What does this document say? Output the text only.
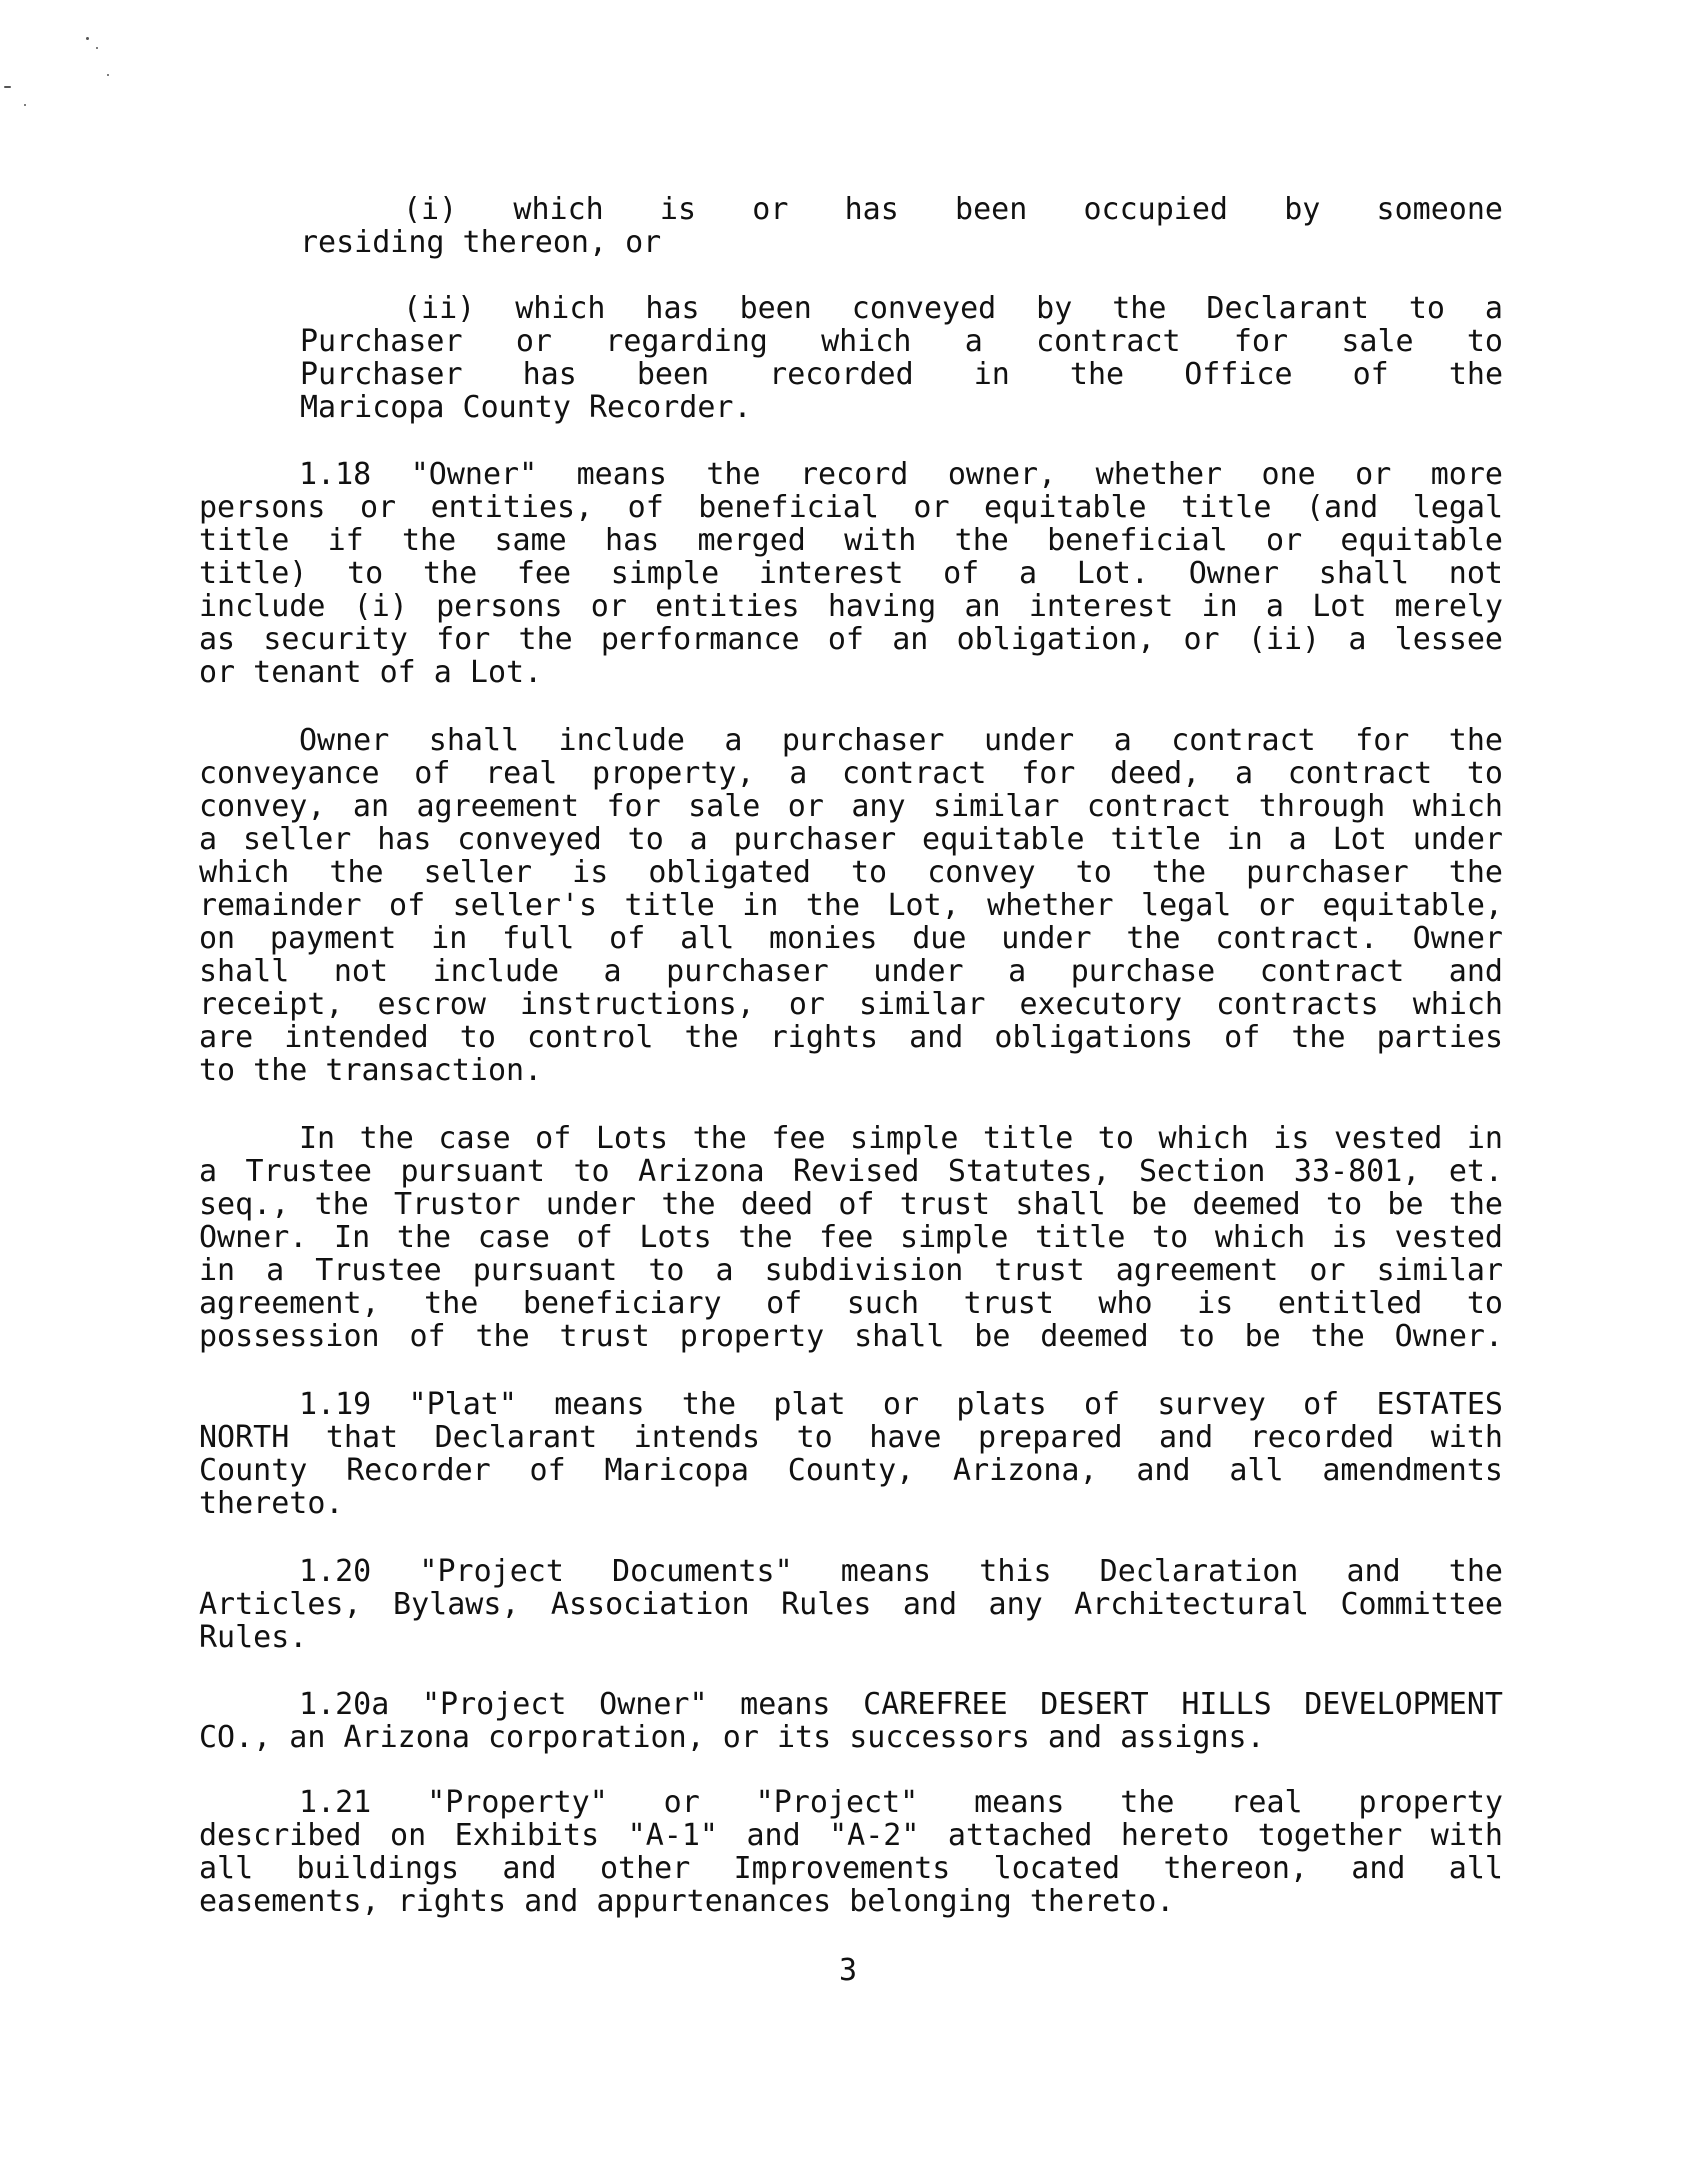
(i) which is or has been occupied by someone
residing thereon, or
(ii) which has been conveyed by the Declarant to a
Purchaser or regarding which a contract for sale to
Purchaser has been recorded in the Office of the
Maricopa County Recorder.
1.18 "Owner" means the record owner, whether one or more
persons or entities, of beneficial or equitable title (and legal
title if the same has merged with the beneficial or equitable
title) to the fee simple interest of a Lot. Owner shall not
include (i) persons or entities having an interest in a Lot merely
as security for the performance of an obligation, or (ii) a lessee
or tenant of a Lot.
Owner shall include a purchaser under a contract for the
conveyance of real property, a contract for deed, a contract to
convey, an agreement for sale or any similar contract through which
a seller has conveyed to a purchaser equitable title in a Lot under
which the seller is obligated to convey to the purchaser the
remainder of seller's title in the Lot, whether legal or equitable,
on payment in full of all monies due under the contract. Owner
shall not include a purchaser under a purchase contract and
receipt, escrow instructions, or similar executory contracts which
are intended to control the rights and obligations of the parties
to the transaction.
In the case of Lots the fee simple title to which is vested in
a Trustee pursuant to Arizona Revised Statutes, Section 33-801, et.
seq., the Trustor under the deed of trust shall be deemed to be the
Owner. In the case of Lots the fee simple title to which is vested
in a Trustee pursuant to a subdivision trust agreement or similar
agreement, the beneficiary of such trust who is entitled to
possession of the trust property shall be deemed to be the Owner.
1.19 "Plat" means the plat or plats of survey of ESTATES
NORTH that Declarant intends to have prepared and recorded with
County Recorder of Maricopa County, Arizona, and all amendments
thereto.
1.20 "Project Documents" means this Declaration and the
Articles, Bylaws, Association Rules and any Architectural Committee
Rules.
1.20a "Project Owner" means CAREFREE DESERT HILLS DEVELOPMENT
CO., an Arizona corporation, or its successors and assigns.
1.21 "Property" or "Project" means the real property
described on Exhibits "A-1" and "A-2" attached hereto together with
all buildings and other Improvements located thereon, and all
easements, rights and appurtenances belonging thereto.
3
